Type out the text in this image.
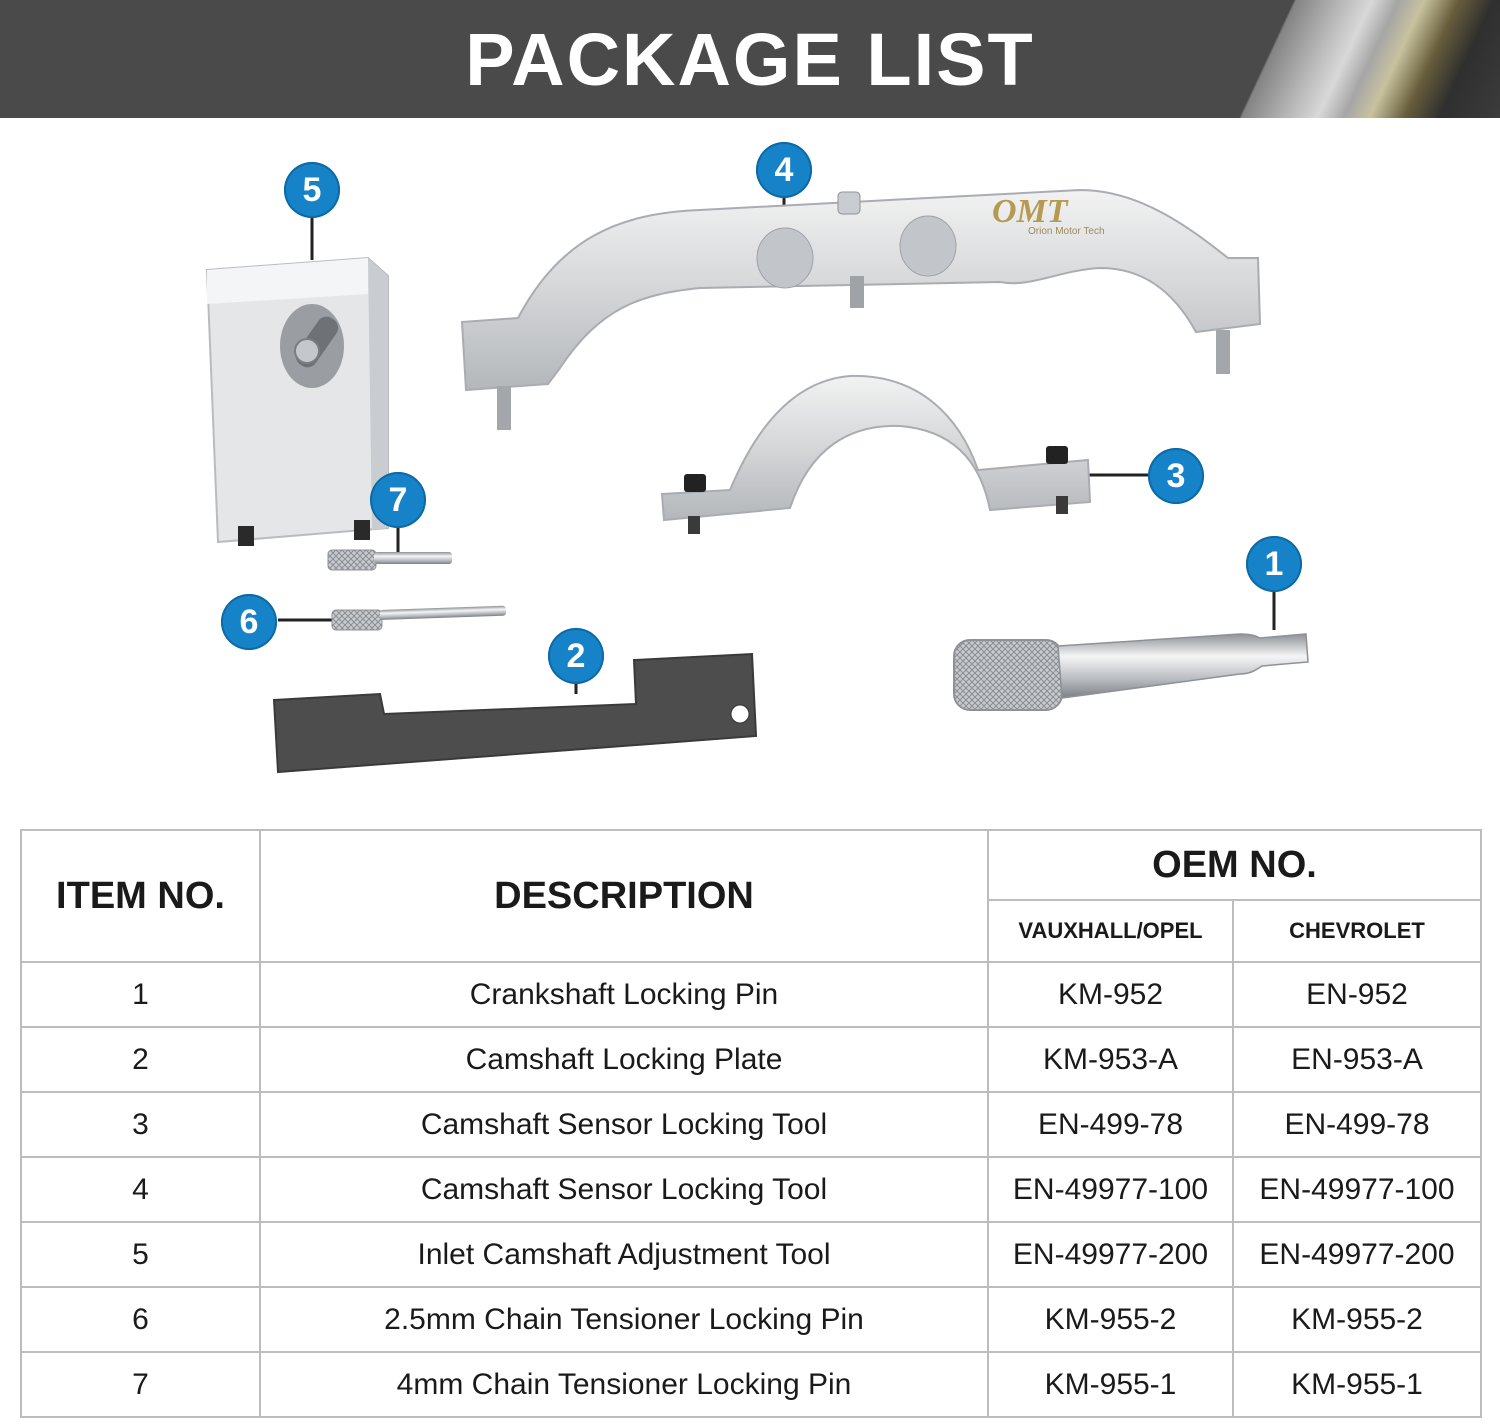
PACKAGE LIST
OMT
Orion Motor Tech
5
4
3
7
6
2
1
ITEM NO.	DESCRIPTION	OEM NO.	
		VAUXHALL/OPEL	CHEVROLET
1	Crankshaft Locking Pin	KM-952	EN-952
2	Camshaft Locking Plate	KM-953-A	EN-953-A
3	Camshaft Sensor Locking Tool	EN-499-78	EN-499-78
4	Camshaft Sensor Locking Tool	EN-49977-100	EN-49977-100
5	Inlet Camshaft Adjustment Tool	EN-49977-200	EN-49977-200
6	2.5mm Chain Tensioner Locking Pin	KM-955-2	KM-955-2
7	4mm Chain Tensioner Locking Pin	KM-955-1	KM-955-1
